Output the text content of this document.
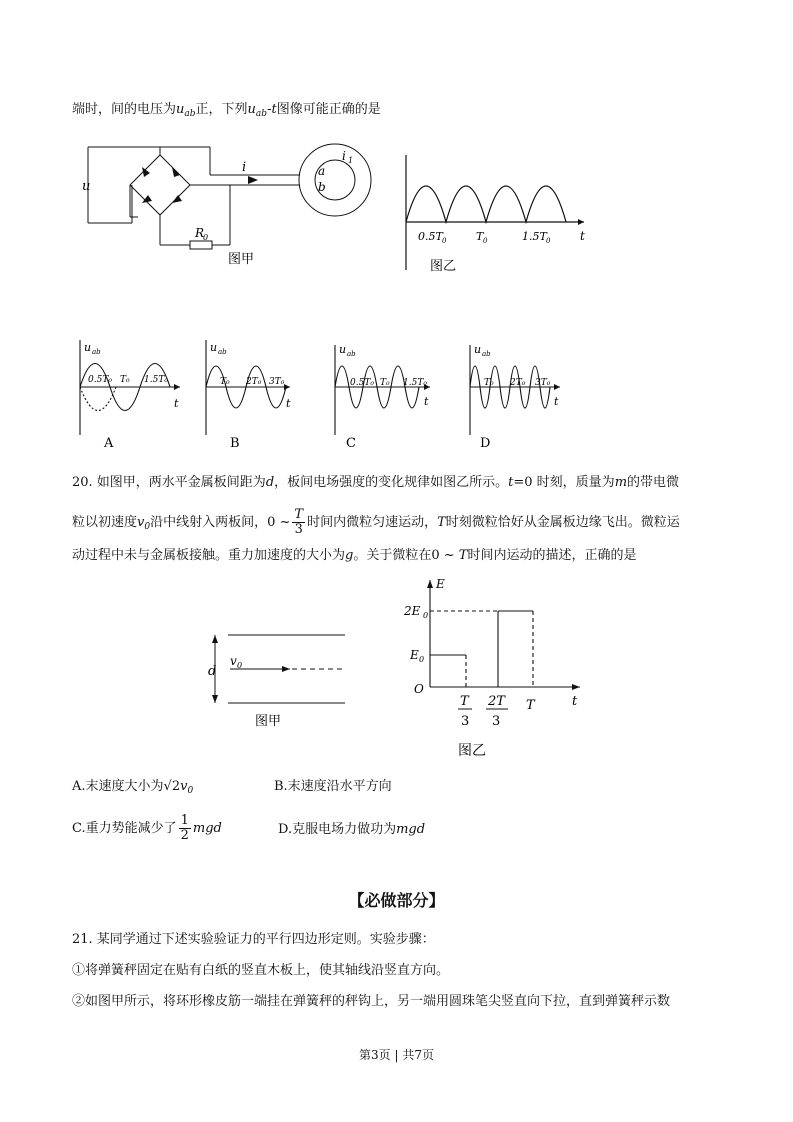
端时，间的电压为$u_{ab}$正，下列$u_{ab}-t$图像可能正确的是
u
i
i 1
a
b
R
0
图甲
0.5T 0	T 0	1.5T 0 t
图乙
u ab
0.5T₀ T₀ 1.5T₀
t
A
u ab
T₀ 2T₀ 3T₀
t
B
u ab
0.5T₀ T₀ 1.5T₀
t
C
u ab
T₀ 2T₀ 3T₀
t
D
20. 如图甲，两水平金属板间距为d，板间电场强度的变化规律如图乙所示。t=0 时刻，质量为m的带电微
粒以初速度$v_0$沿中线射入两板间，0 ~ $\frac{T}{3}$ 时间内微粒匀速运动，T时刻微粒恰好从金属板边缘飞出。微粒运
动过程中未与金属板接触。重力加速度的大小为g。关于微粒在0 ~ T时间内运动的描述，正确的是
d
v 0
图甲
E
t
2E 0
E 0
O
T
3
2T
3
T
图乙
A.末速度大小为$√2v_0$	B.末速度沿水平方向
C.重力势能减少了 $\frac{1}{2}$ mgd	D.克服电场力做功为mgd
【必做部分】
21. 某同学通过下述实验验证力的平行四边形定则。实验步骤：
①将弹簧秤固定在贴有白纸的竖直木板上，使其轴线沿竖直方向。
②如图甲所示，将环形橡皮筋一端挂在弹簧秤的秤钩上，另一端用圆珠笔尖竖直向下拉，直到弹簧秤示数
第3页 | 共7页
